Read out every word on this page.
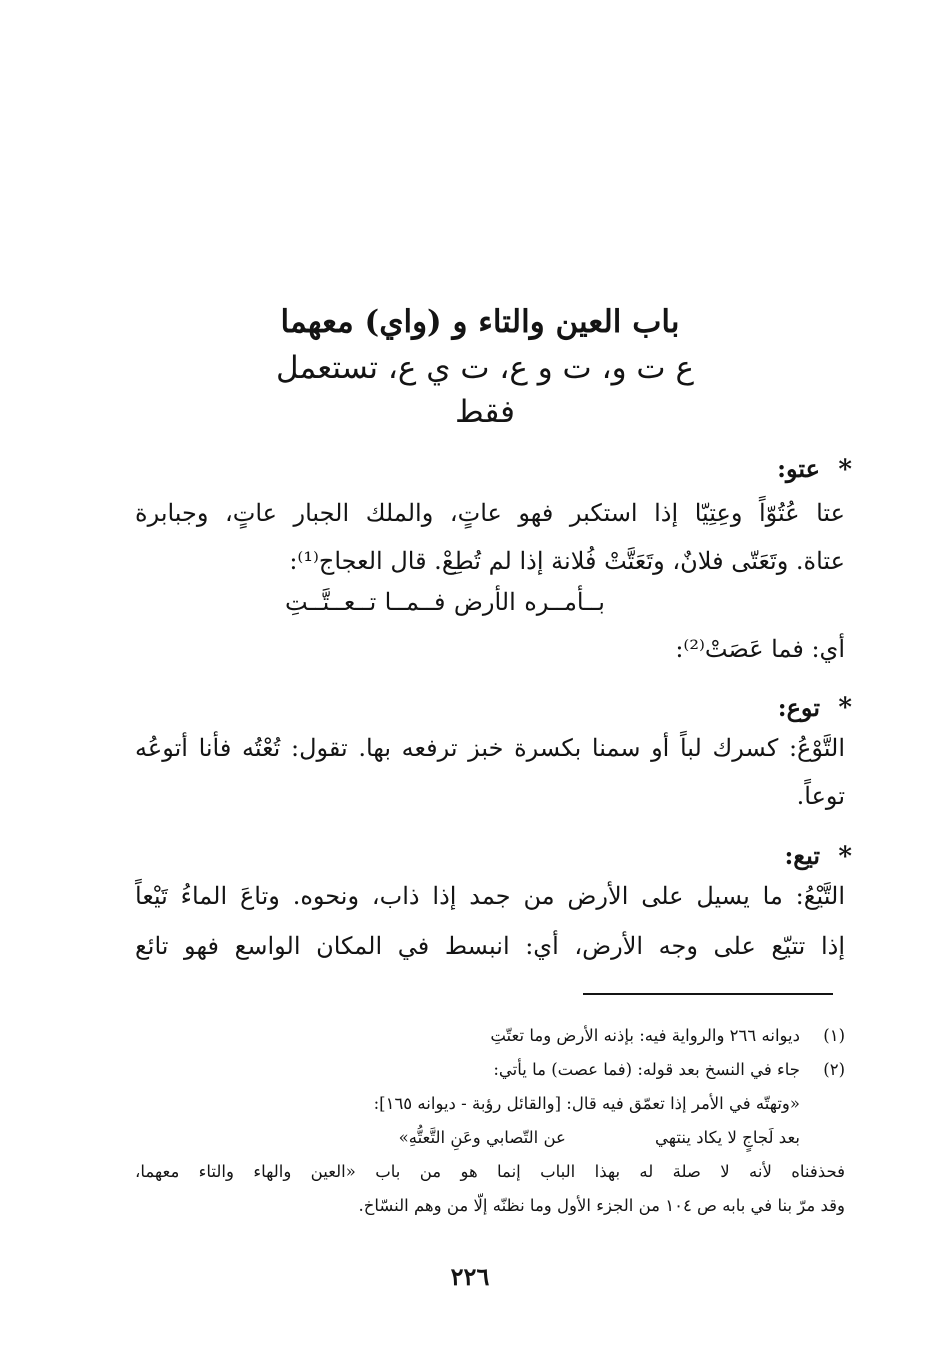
باب العين والتاء و (واي) معهما
ع ت و، ت و ع، ت ي ع، تستعمل فقط
*
عتو:
عتا عُتُوّاً وعِتِيّا إذا استكبر فهو عاتٍ، والملك الجبار عاتٍ، وجبابرة
عتاة. وتَعَتّى فلانٌ، وتَعَتَّتْ فُلانة إذا لم تُطِعْ. قال العجاج⁽¹⁾:
بــأمــره الأرض فــمــا تــعــتَّــتِ
أي: فما عَصَتْ⁽²⁾:
*
توع:
التَّوْعُ: كسرك لباً أو سمنا بكسرة خبز ترفعه بها. تقول: تُعْتُه فأنا أتوعُه
توعاً.
*
تيع:
التَّيْعُ: ما يسيل على الأرض من جمد إذا ذاب، ونحوه. وتاعَ الماءُ تَيْعاً
إذا تتيّع على وجه الأرض، أي: انبسط في المكان الواسع فهو تائع
(١)ديوانه ٢٦٦ والرواية فيه: بإذنه الأرض وما تعتّتِ
(٢)جاء في النسخ بعد قوله: (فما عصت) ما يأتي:
«وتهتّه في الأمر إذا تعمّق فيه قال: [والقائل رؤبة - ديوانه ١٦٥]:
بعد لَجاجٍ لا يكاد ينتهي                 عن التّصابي وعَنِ التَّعتُّهِ»
فحذفناه لأنه لا صلة له بهذا الباب إنما هو من باب «العين والهاء والتاء معهما،
وقد مرّ بنا في بابه ص ١٠٤ من الجزء الأول وما نظنّه إلّا من وهم النسّاخ.
٢٢٦
